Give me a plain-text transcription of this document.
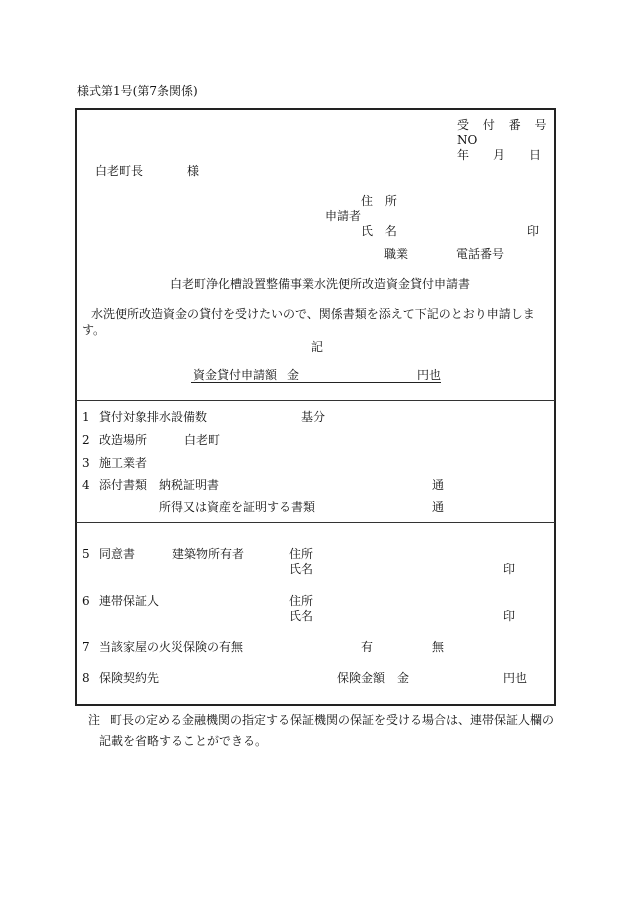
様式第1号(第7条関係)
受 付 番 号
NO
年 月 日
白老町長	様
住 所
申請者
氏 名	印
職業	電話番号
白老町浄化槽設置整備事業水洗便所改造資金貸付申請書
水洗便所改造資金の貸付を受けたいので、関係書類を添えて下記のとおり申請しま
す。
記
資金貸付申請額 金	円也
1 貸付対象排水設備数	基分
2 改造場所	白老町
3 施工業者
4 添付書類 納税証明書	通
所得又は資産を証明する書類	通
5 同意書	建築物所有者	住所
氏名	印
6 連帯保証人	住所
氏名	印
7 当該家屋の火災保険の有無	有	無
8 保険契約先	保険金額 金	円也
注 町長の定める金融機関の指定する保証機関の保証を受ける場合は、連帯保証人欄の
記載を省略することができる。
